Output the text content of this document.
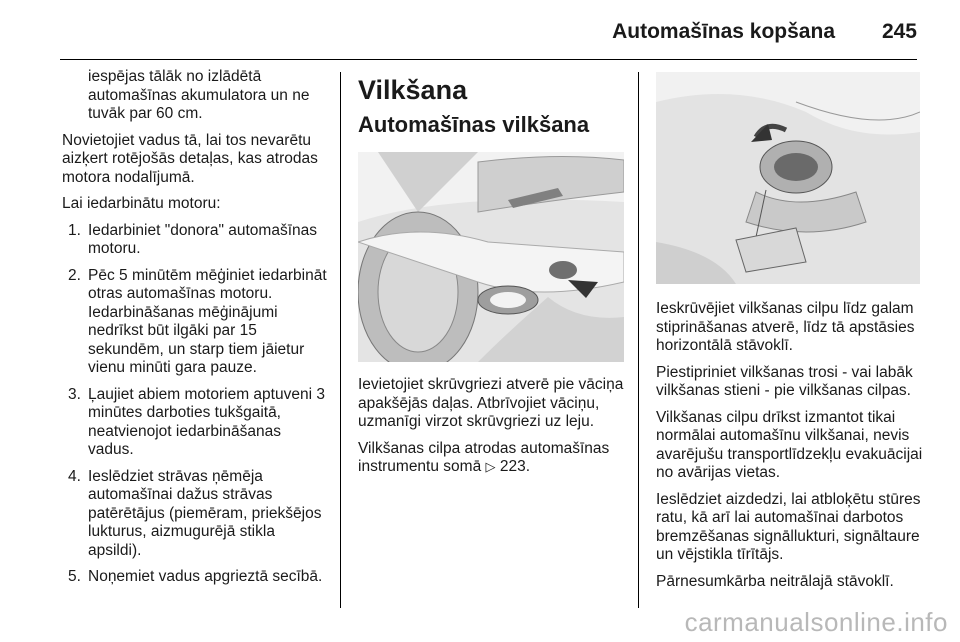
Automašīnas kopšana 245

iespējas tālāk no izlādētā automašīnas akumulatora un ne tuvāk par 60 cm.

Novietojiet vadus tā, lai tos nevarētu aizķert rotējošās detaļas, kas atrodas motora nodalījumā.

Lai iedarbinātu motoru:

1. Iedarbiniet "donora" automašīnas motoru.
2. Pēc 5 minūtēm mēģiniet iedarbināt otras automašīnas motoru. Iedarbināšanas mēģinājumi nedrīkst būt ilgāki par 15 sekundēm, un starp tiem jāietur vienu minūti gara pauze.
3. Ļaujiet abiem motoriem aptuveni 3 minūtes darboties tukšgaitā, neatvienojot iedarbināšanas vadus.
4. Ieslēdziet strāvas ņēmēja automašīnai dažus strāvas patērētājus (piemēram, priekšējos lukturus, aizmugurējā stikla apsildi).
5. Noņemiet vadus apgrieztā secībā.
Vilkšana
Automašīnas vilkšana

Ievietojiet skrūvgriezi atverē pie vāciņa apakšējās daļas. Atbrīvojiet vāciņu, uzmanīgi virzot skrūvgriezi uz leju.

Vilkšanas cilpa atrodas automašīnas instrumentu somā ▷ 223.

Ieskrūvējiet vilkšanas cilpu līdz galam stiprināšanas atverē, līdz tā apstāsies horizontālā stāvoklī.

Piestipriniet vilkšanas trosi - vai labāk vilkšanas stieni - pie vilkšanas cilpas.

Vilkšanas cilpu drīkst izmantot tikai normālai automašīnu vilkšanai, nevis avarējušu transportlīdzekļu evakuācijai no avārijas vietas.

Ieslēdziet aizdedzi, lai atbloķētu stūres ratu, kā arī lai automašīnai darbotos bremzēšanas signāllukturi, signāltaure un vējstikla tīrītājs.

Pārnesumkārba neitrālajā stāvoklī.

carmanualsonline.info
